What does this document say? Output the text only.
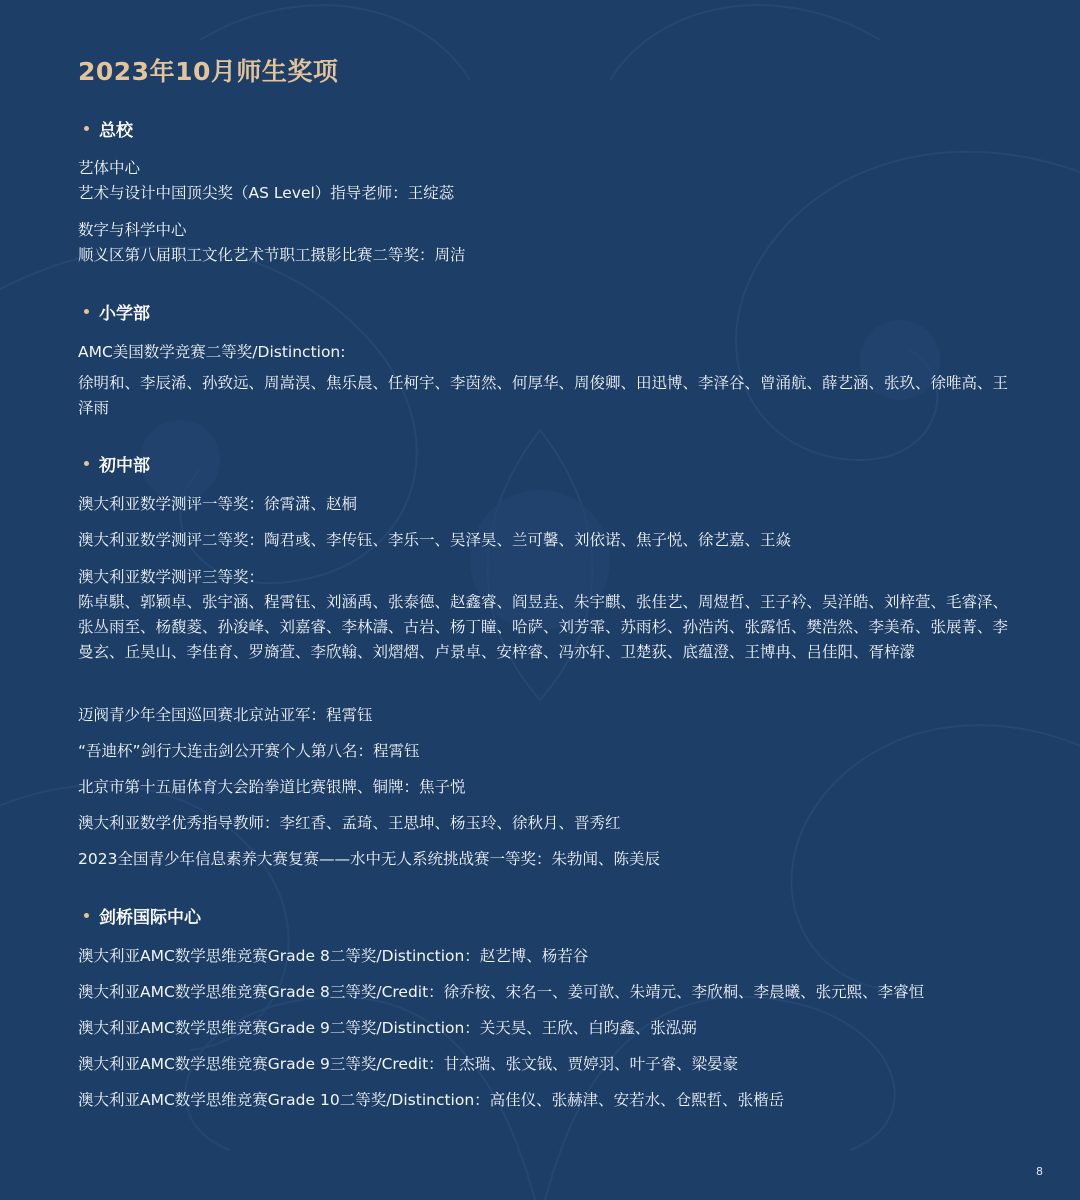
2023年10月师生奖项
总校

艺体中心

艺术与设计中国顶尖奖（AS Level）指导老师：王绽蕊

数字与科学中心

顺义区第八届职工文化艺术节职工摄影比赛二等奖：周洁

小学部

AMC美国数学竞赛二等奖/Distinction:

徐明和、李辰浠、孙致远、周嵩淏、焦乐晨、任柯宇、李茵然、何厚华、周俊卿、田迅博、李泽谷、曾涌航、薛艺涵、张玖、徐唯高、王泽雨

初中部

澳大利亚数学测评一等奖：徐霄潇、赵桐

澳大利亚数学测评二等奖：陶君彧、李传钰、李乐一、吴泽昊、兰可馨、刘依诺、焦子悦、徐艺嘉、王焱

澳大利亚数学测评三等奖：

陈卓騏、郭颖卓、张宇涵、程霄钰、刘涵禹、张泰德、赵鑫睿、阎昱垚、朱宇麒、张佳艺、周煜哲、王子衿、吴洋皓、刘梓萱、毛睿泽、张丛雨至、杨馥菱、孙浚峰、刘嘉睿、李林濤、古岩、杨丁瞳、哈萨、刘芳霏、苏雨杉、孙浩芮、张露恬、樊浩然、李美希、张展菁、李曼玄、丘昊山、李佳育、罗旖萱、李欣翰、刘熠熠、卢景卓、安梓睿、冯亦轩、卫楚荻、底蕴澄、王博冉、吕佳阳、胥梓濛

迈阀青少年全国巡回赛北京站亚军：程霄钰

“吾迪杯”剑行大连击剑公开赛个人第八名：程霄钰

北京市第十五届体育大会跆拳道比赛银牌、铜牌：焦子悦

澳大利亚数学优秀指导教师：李红香、孟琦、王思坤、杨玉玲、徐秋月、晋秀红

2023全国青少年信息素养大赛复赛——水中无人系统挑战赛一等奖：朱勃闻、陈美辰

剑桥国际中心

澳大利亚AMC数学思维竞赛Grade 8二等奖/Distinction：赵艺博、杨若谷

澳大利亚AMC数学思维竞赛Grade 8三等奖/Credit：徐乔桉、宋名一、姜可歆、朱靖元、李欣桐、李晨曦、张元熙、李睿恒

澳大利亚AMC数学思维竞赛Grade 9二等奖/Distinction：关天昊、王欣、白昀鑫、张泓弼

澳大利亚AMC数学思维竞赛Grade 9三等奖/Credit：甘杰瑞、张文钺、贾婷羽、叶子睿、梁晏豪

澳大利亚AMC数学思维竞赛Grade 10二等奖/Distinction：高佳仪、张赫津、安若水、仓熙哲、张楷岳

8
